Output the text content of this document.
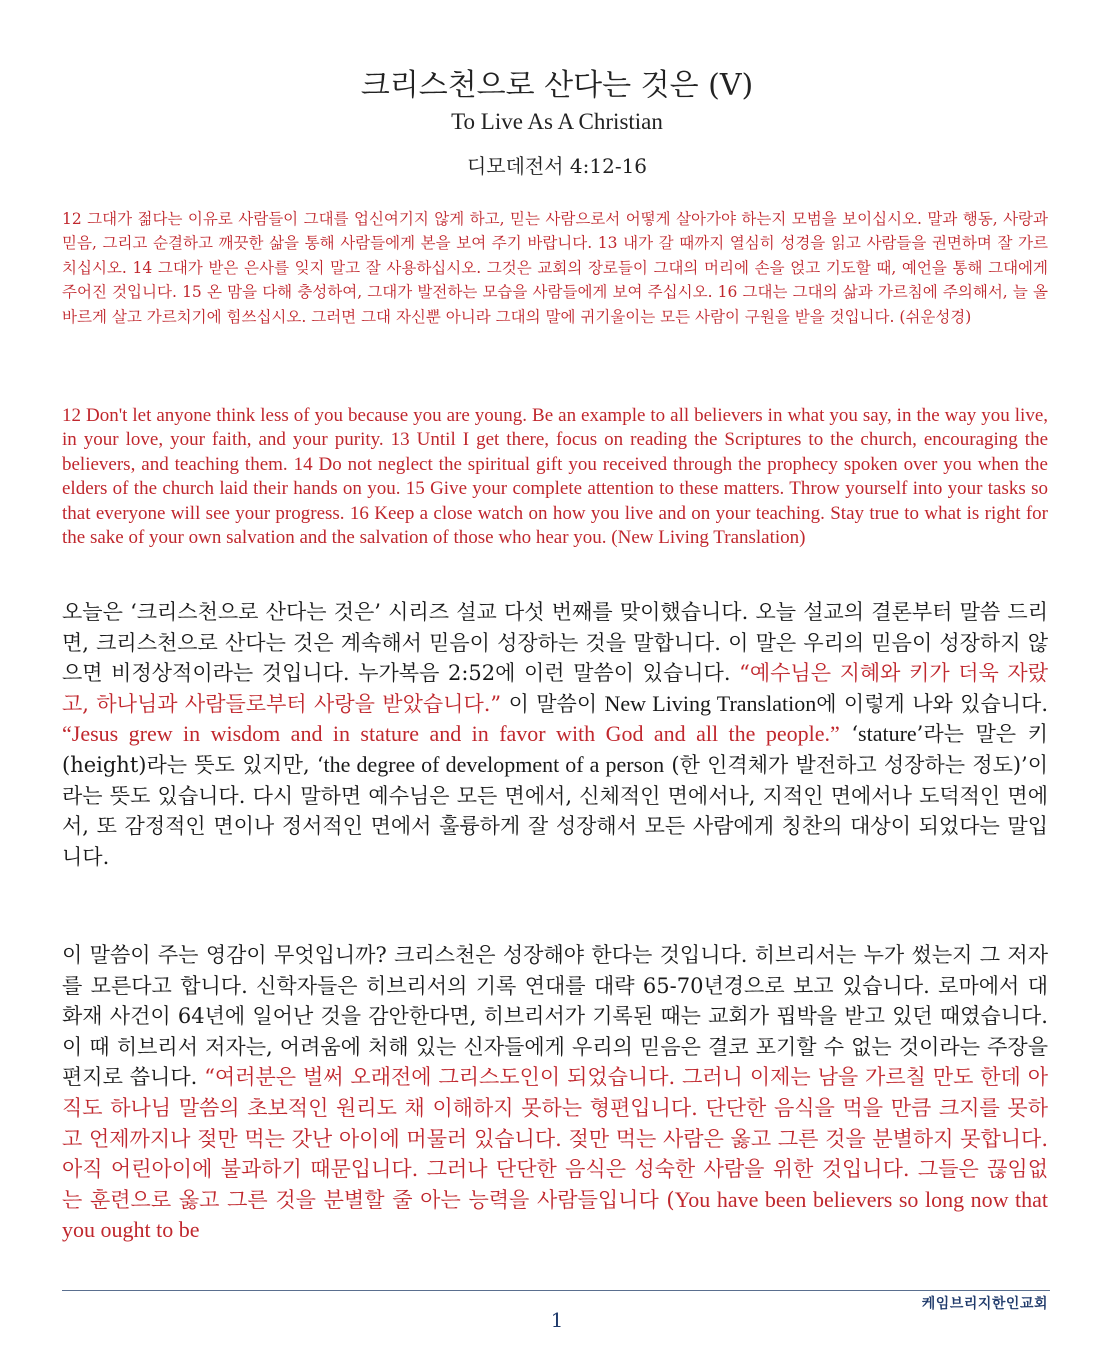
크리스천으로 산다는 것은 (V)
To Live As A Christian
디모데전서 4:12-16

12 그대가 젊다는 이유로 사람들이 그대를 업신여기지 않게 하고, 믿는 사람으로서 어떻게 살아가야 하는지 모범을 보이십시오. 말과 행동, 사랑과 믿음, 그리고 순결하고 깨끗한 삶을 통해 사람들에게 본을 보여 주기 바랍니다. 13 내가 갈 때까지 열심히 성경을 읽고 사람들을 권면하며 잘 가르치십시오. 14 그대가 받은 은사를 잊지 말고 잘 사용하십시오. 그것은 교회의 장로들이 그대의 머리에 손을 얹고 기도할 때, 예언을 통해 그대에게 주어진 것입니다. 15 온 맘을 다해 충성하여, 그대가 발전하는 모습을 사람들에게 보여 주십시오. 16 그대는 그대의 삶과 가르침에 주의해서, 늘 올바르게 살고 가르치기에 힘쓰십시오. 그러면 그대 자신뿐 아니라 그대의 말에 귀기울이는 모든 사람이 구원을 받을 것입니다. (쉬운성경)

12 Don't let anyone think less of you because you are young. Be an example to all believers in what you say, in the way you live, in your love, your faith, and your purity. 13 Until I get there, focus on reading the Scriptures to the church, encouraging the believers, and teaching them. 14 Do not neglect the spiritual gift you received through the prophecy spoken over you when the elders of the church laid their hands on you. 15 Give your complete attention to these matters. Throw yourself into your tasks so that everyone will see your progress. 16 Keep a close watch on how you live and on your teaching. Stay true to what is right for the sake of your own salvation and the salvation of those who hear you. (New Living Translation)

오늘은 ‘크리스천으로 산다는 것은’ 시리즈 설교 다섯 번째를 맞이했습니다. 오늘 설교의 결론부터 말씀 드리면, 크리스천으로 산다는 것은 계속해서 믿음이 성장하는 것을 말합니다. 이 말은 우리의 믿음이 성장하지 않으면 비정상적이라는 것입니다. 누가복음 2:52에 이런 말씀이 있습니다. “예수님은 지혜와 키가 더욱 자랐고, 하나님과 사람들로부터 사랑을 받았습니다.” 이 말씀이 New Living Translation에 이렇게 나와 있습니다. “Jesus grew in wisdom and in stature and in favor with God and all the people.” ‘stature’라는 말은 키 (height)라는 뜻도 있지만, ‘the degree of development of a person (한 인격체가 발전하고 성장하는 정도)’이라는 뜻도 있습니다. 다시 말하면 예수님은 모든 면에서, 신체적인 면에서나, 지적인 면에서나 도덕적인 면에서, 또 감정적인 면이나 정서적인 면에서 훌륭하게 잘 성장해서 모든 사람에게 칭찬의 대상이 되었다는 말입니다.

이 말씀이 주는 영감이 무엇입니까? 크리스천은 성장해야 한다는 것입니다. 히브리서는 누가 썼는지 그 저자를 모른다고 합니다. 신학자들은 히브리서의 기록 연대를 대략 65-70년경으로 보고 있습니다. 로마에서 대 화재 사건이 64년에 일어난 것을 감안한다면, 히브리서가 기록된 때는 교회가 핍박을 받고 있던 때였습니다. 이 때 히브리서 저자는, 어려움에 처해 있는 신자들에게 우리의 믿음은 결코 포기할 수 없는 것이라는 주장을 편지로 씁니다. “여러분은 벌써 오래전에 그리스도인이 되었습니다. 그러니 이제는 남을 가르칠 만도 한데 아직도 하나님 말씀의 초보적인 원리도 채 이해하지 못하는 형편입니다. 단단한 음식을 먹을 만큼 크지를 못하고 언제까지나 젖만 먹는 갓난 아이에 머물러 있습니다. 젖만 먹는 사람은 옳고 그른 것을 분별하지 못합니다. 아직 어린아이에 불과하기 때문입니다. 그러나 단단한 음식은 성숙한 사람을 위한 것입니다. 그들은 끊임없는 훈련으로 옳고 그른 것을 분별할 줄 아는 능력을 사람들입니다 (You have been believers so long now that you ought to be

케임브리지한인교회
1
